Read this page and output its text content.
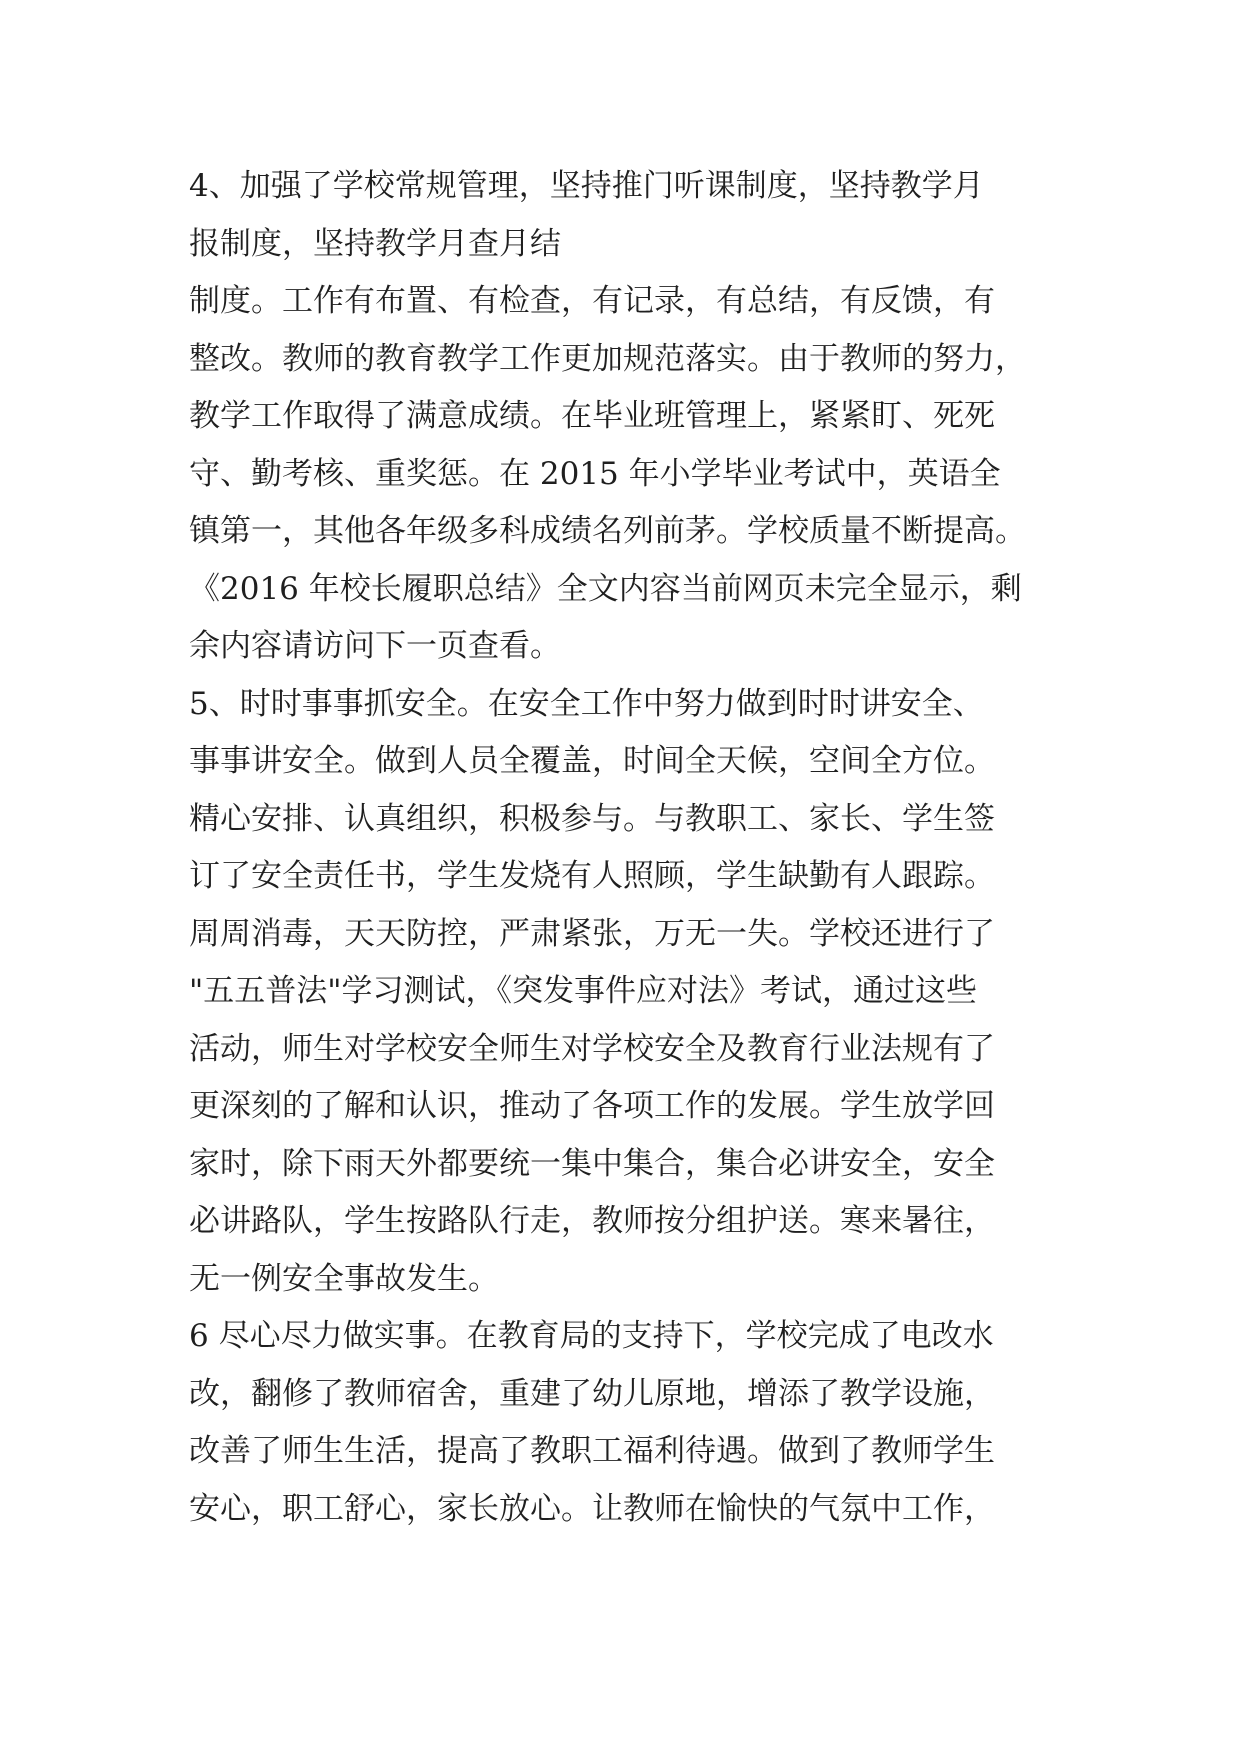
4、加强了学校常规管理，坚持推门听课制度，坚持教学月
报制度，坚持教学月查月结
制度。工作有布置、有检查，有记录，有总结，有反馈，有
整改。教师的教育教学工作更加规范落实。由于教师的努力，
教学工作取得了满意成绩。在毕业班管理上，紧紧盯、死死
守、勤考核、重奖惩。在 2015 年小学毕业考试中，英语全
镇第一，其他各年级多科成绩名列前茅。学校质量不断提高。
《2016 年校长履职总结》全文内容当前网页未完全显示，剩
余内容请访问下一页查看。
5、时时事事抓安全。在安全工作中努力做到时时讲安全、
事事讲安全。做到人员全覆盖，时间全天候，空间全方位。
精心安排、认真组织，积极参与。与教职工、家长、学生签
订了安全责任书，学生发烧有人照顾，学生缺勤有人跟踪。
周周消毒，天天防控，严肃紧张，万无一失。学校还进行了
"五五普法"学习测试，《突发事件应对法》考试，通过这些
活动，师生对学校安全师生对学校安全及教育行业法规有了
更深刻的了解和认识，推动了各项工作的发展。学生放学回
家时，除下雨天外都要统一集中集合，集合必讲安全，安全
必讲路队，学生按路队行走，教师按分组护送。寒来暑往，
无一例安全事故发生。
6 尽心尽力做实事。在教育局的支持下，学校完成了电改水
改，翻修了教师宿舍，重建了幼儿原地，增添了教学设施，
改善了师生生活，提高了教职工福利待遇。做到了教师学生
安心，职工舒心，家长放心。让教师在愉快的气氛中工作，
